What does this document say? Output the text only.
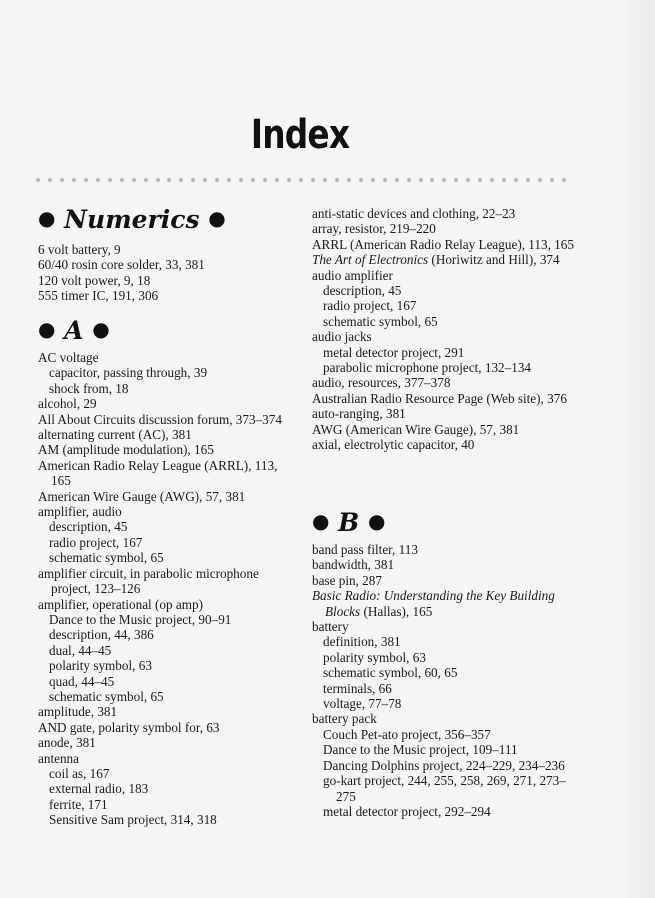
Index
● Numerics ●
6 volt battery, 9
60/40 rosin core solder, 33, 381
120 volt power, 9, 18
555 timer IC, 191, 306
● A ●
AC voltage
capacitor, passing through, 39
shock from, 18
alcohol, 29
All About Circuits discussion forum, 373–374
alternating current (AC), 381
AM (amplitude modulation), 165
American Radio Relay League (ARRL), 113, 165
American Wire Gauge (AWG), 57, 381
amplifier, audio
description, 45
radio project, 167
schematic symbol, 65
amplifier circuit, in parabolic microphone project, 123–126
amplifier, operational (op amp)
Dance to the Music project, 90–91
description, 44, 386
dual, 44–45
polarity symbol, 63
quad, 44–45
schematic symbol, 65
amplitude, 381
AND gate, polarity symbol for, 63
anode, 381
antenna
coil as, 167
external radio, 183
ferrite, 171
Sensitive Sam project, 314, 318
anti-static devices and clothing, 22–23
array, resistor, 219–220
ARRL (American Radio Relay League), 113, 165
The Art of Electronics (Horiwitz and Hill), 374
audio amplifier
description, 45
radio project, 167
schematic symbol, 65
audio jacks
metal detector project, 291
parabolic microphone project, 132–134
audio, resources, 377–378
Australian Radio Resource Page (Web site), 376
auto-ranging, 381
AWG (American Wire Gauge), 57, 381
axial, electrolytic capacitor, 40
● B ●
band pass filter, 113
bandwidth, 381
base pin, 287
Basic Radio: Understanding the Key Building Blocks (Hallas), 165
battery
definition, 381
polarity symbol, 63
schematic symbol, 60, 65
terminals, 66
voltage, 77–78
battery pack
Couch Pet-ato project, 356–357
Dance to the Music project, 109–111
Dancing Dolphins project, 224–229, 234–236
go-kart project, 244, 255, 258, 269, 271, 273–275
metal detector project, 292–294
